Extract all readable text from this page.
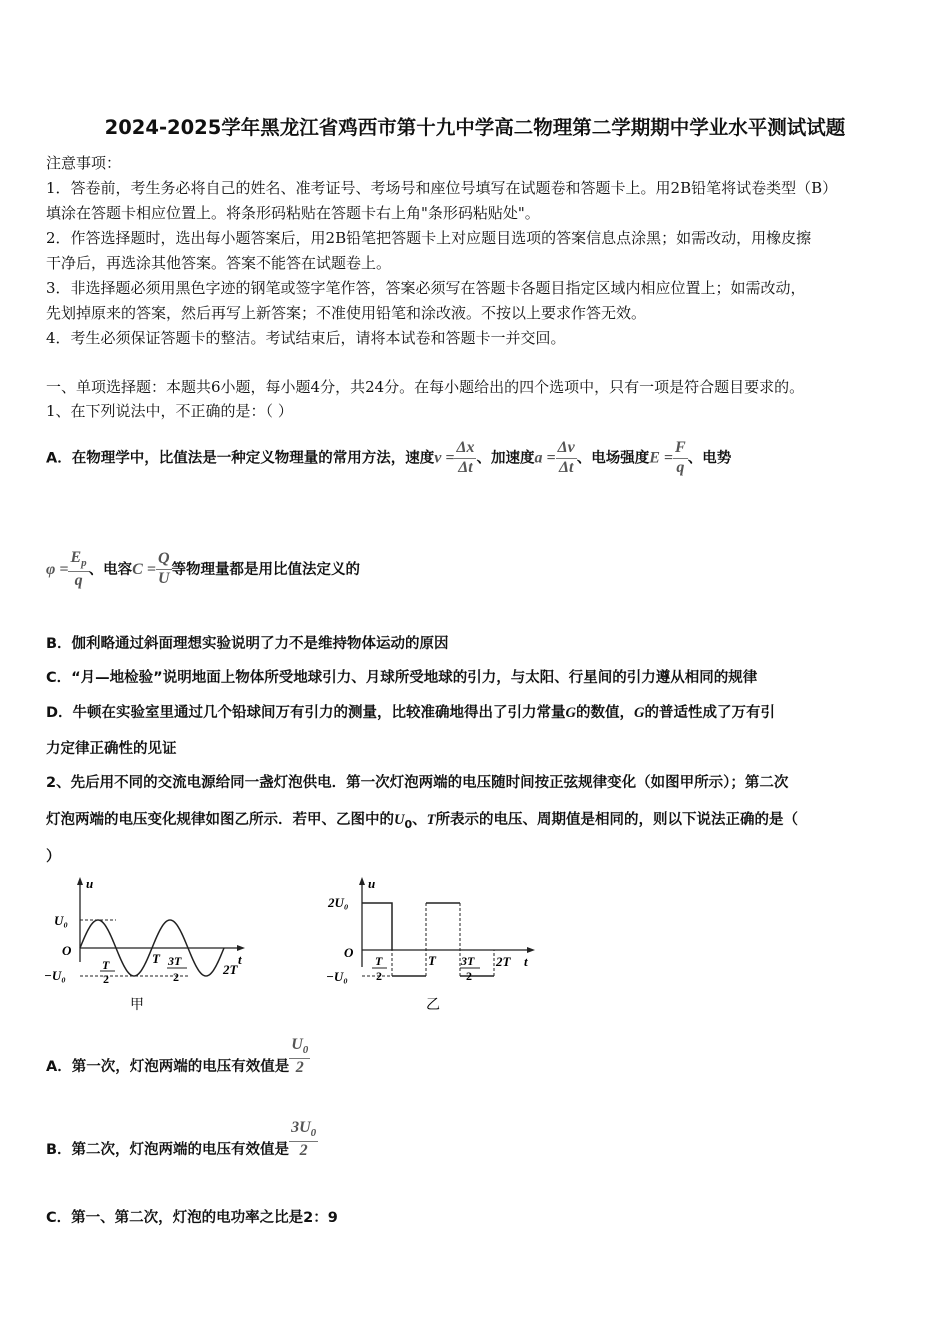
2024-2025学年黑龙江省鸡西市第十九中学高二物理第二学期期中学业水平测试试题
注意事项：
1．答卷前，考生务必将自己的姓名、准考证号、考场号和座位号填写在试题卷和答题卡上。用2B铅笔将试卷类型（B）
填涂在答题卡相应位置上。将条形码粘贴在答题卡右上角"条形码粘贴处"。
2．作答选择题时，选出每小题答案后，用2B铅笔把答题卡上对应题目选项的答案信息点涂黑；如需改动，用橡皮擦
干净后，再选涂其他答案。答案不能答在试题卷上。
3．非选择题必须用黑色字迹的钢笔或签字笔作答，答案必须写在答题卡各题目指定区域内相应位置上；如需改动，
先划掉原来的答案，然后再写上新答案；不准使用铅笔和涂改液。不按以上要求作答无效。
4．考生必须保证答题卡的整洁。考试结束后，请将本试卷和答题卡一并交回。
一、单项选择题：本题共6小题，每小题4分，共24分。在每小题给出的四个选项中，只有一项是符合题目要求的。
1、在下列说法中，不正确的是：（ ）
A．在物理学中，比值法是一种定义物理量的常用方法，速度$v = \frac{\Delta x}{\Delta t}$ 、加速度$a = \frac{\Delta v}{\Delta t}$ 、电场强度$E = \frac{F}{q}$ 、电势
$\varphi = \frac{E_p}{q}$ 、电容$C = \frac{Q}{U}$ 等物理量都是用比值法定义的
B．伽利略通过斜面理想实验说明了力不是维持物体运动的原因
C．“月—地检验”说明地面上物体所受地球引力、月球所受地球的引力，与太阳、行星间的引力遵从相同的规律
D．牛顿在实验室里通过几个铅球间万有引力的测量，比较准确地得出了引力常量G的数值，G的普适性成了万有引
力定律正确性的见证
2、先后用不同的交流电源给同一盏灯泡供电．第一次灯泡两端的电压随时间按正弦规律变化（如图甲所示）；第二次
灯泡两端的电压变化规律如图乙所示．若甲、乙图中的$U_0$、T所表示的电压、周期值是相同的，则以下说法正确的是（
）
u
t
O
U₀
−U₀
T
2
T 3T
2	2T
甲
u
t
O
2U₀
−U₀
T
2
T 3T
2
2T
乙
A．第一次，灯泡两端的电压有效值是 $\frac{U_0}{2}$
B．第二次，灯泡两端的电压有效值是 $\frac{3U_0}{2}$
C．第一、第二次，灯泡的电功率之比是2：9
